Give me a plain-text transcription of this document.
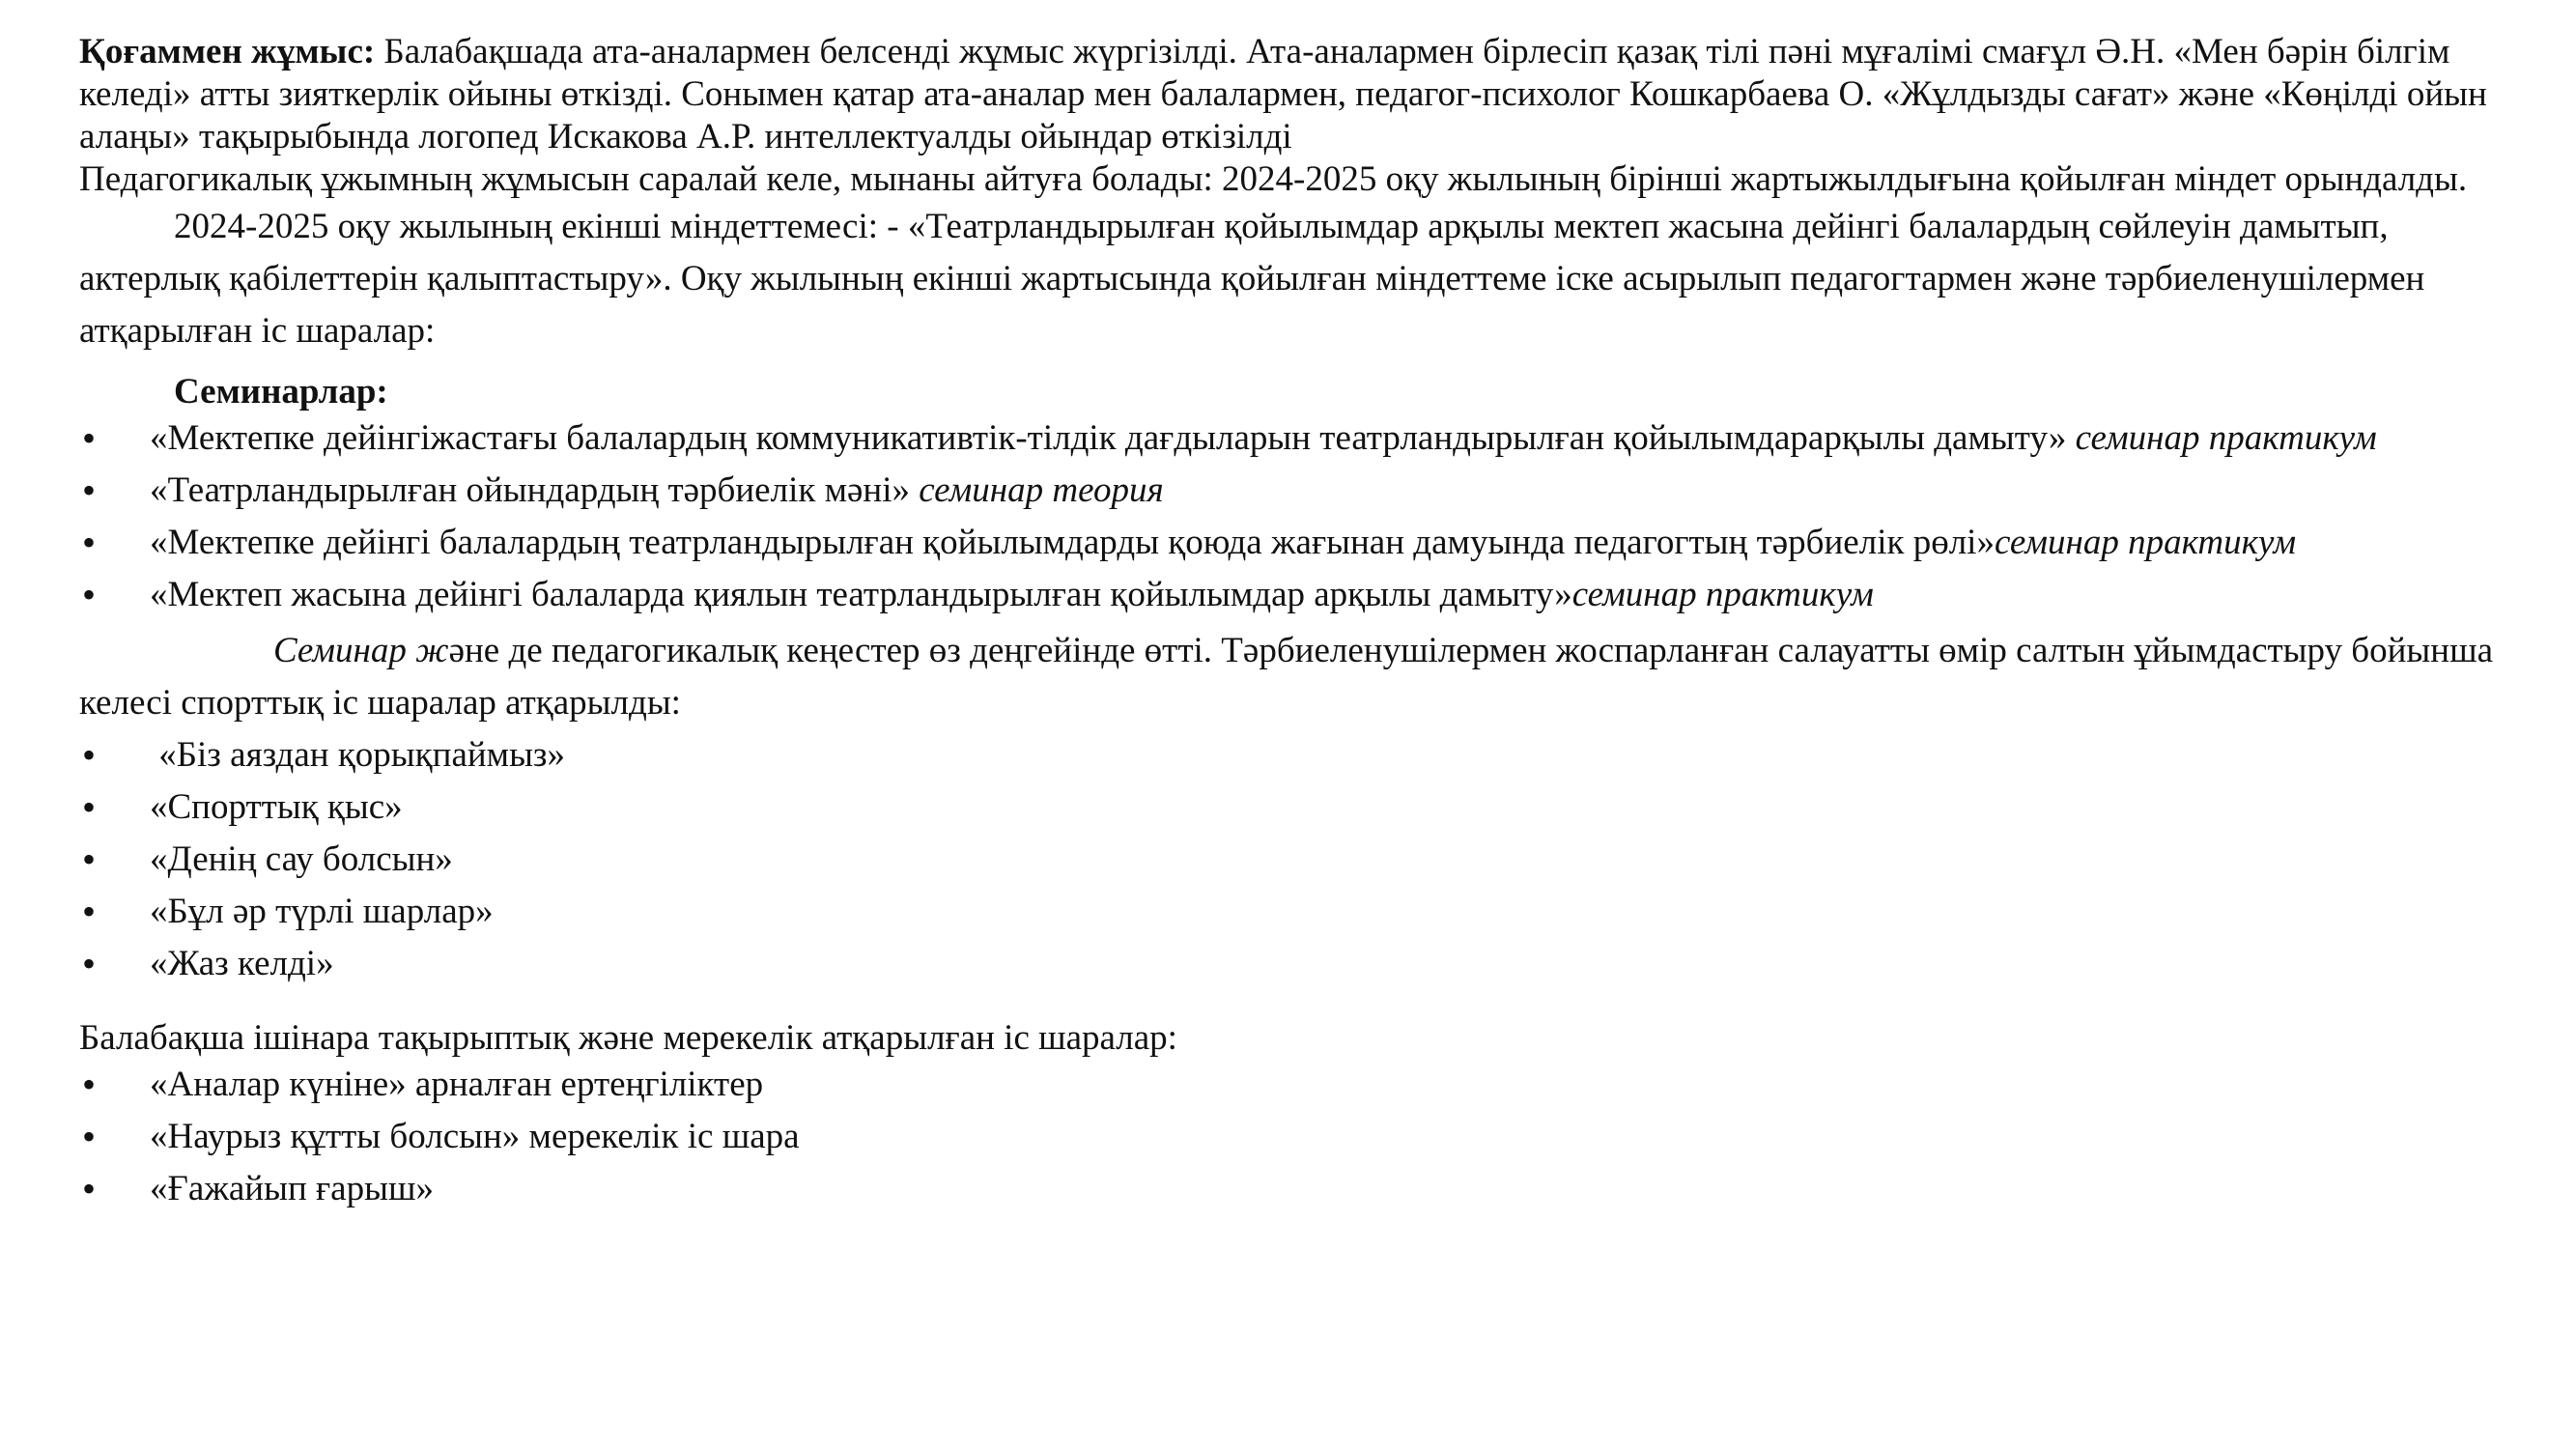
Қоғаммен жұмыс: Балабақшада ата-аналармен белсенді жұмыс жүргізілді. Ата-аналармен бірлесіп қазақ тілі пәні мұғалімі смағұл Ә.Н. «Мен бәрін білгім келеді» атты зияткерлік ойыны өткізді. Сонымен қатар ата-аналар мен балалармен, педагог-психолог Кошкарбаева О. «Жұлдызды сағат» және «Көңілді ойын алаңы» тақырыбында логопед Искакова А.Р. интеллектуалды ойындар өткізілді

Педагогикалық ұжымның жұмысын саралай келе, мынаны айтуға болады: 2024-2025 оқу жылының бірінші жартыжылдығына қойылған міндет орындалды.

2024-2025 оқу жылының екінші міндеттемесі: - «Театрландырылған қойылымдар арқылы мектеп жасына дейінгі балалардың сөйлеуін дамытып, актерлық қабілеттерін қалыптастыру». Оқу жылының екінші жартысында қойылған міндеттеме іске асырылып педагогтармен және тәрбиеленушілермен атқарылған іс шаралар:

Семинарлар:

•	«Мектепке дейінгіжастағы балалардың коммуникативтік-тілдік дағдыларын театрландырылған қойылымдарарқылы дамыту» семинар практикум
•	«Театрландырылған ойындардың тәрбиелік мәні» семинар теория
•	«Мектепке дейінгі балалардың театрландырылған қойылымдарды қоюда жағынан дамуында педагогтың тәрбиелік рөлі»семинар практикум
•	«Мектеп жасына дейінгі балаларда қиялын театрландырылған қойылымдар арқылы дамыту»семинар практикум

Семинар және де педагогикалық кеңестер өз деңгейінде өтті. Тәрбиеленушілермен жоспарланған салауатты өмір салтын ұйымдастыру бойынша келесі спорттық іс шаралар атқарылды:

•	«Біз аяздан қорықпаймыз»
•	«Спорттық қыс»
•	«Денің сау болсын»
•	«Бұл әр түрлі шарлар»
•	«Жаз келді»

Балабақша ішінара тақырыптық және мерекелік атқарылған іс шаралар:

•	«Аналар күніне» арналған ертеңгіліктер
•	«Наурыз құтты болсын» мерекелік іс шара
•	«Ғажайып ғарыш»
